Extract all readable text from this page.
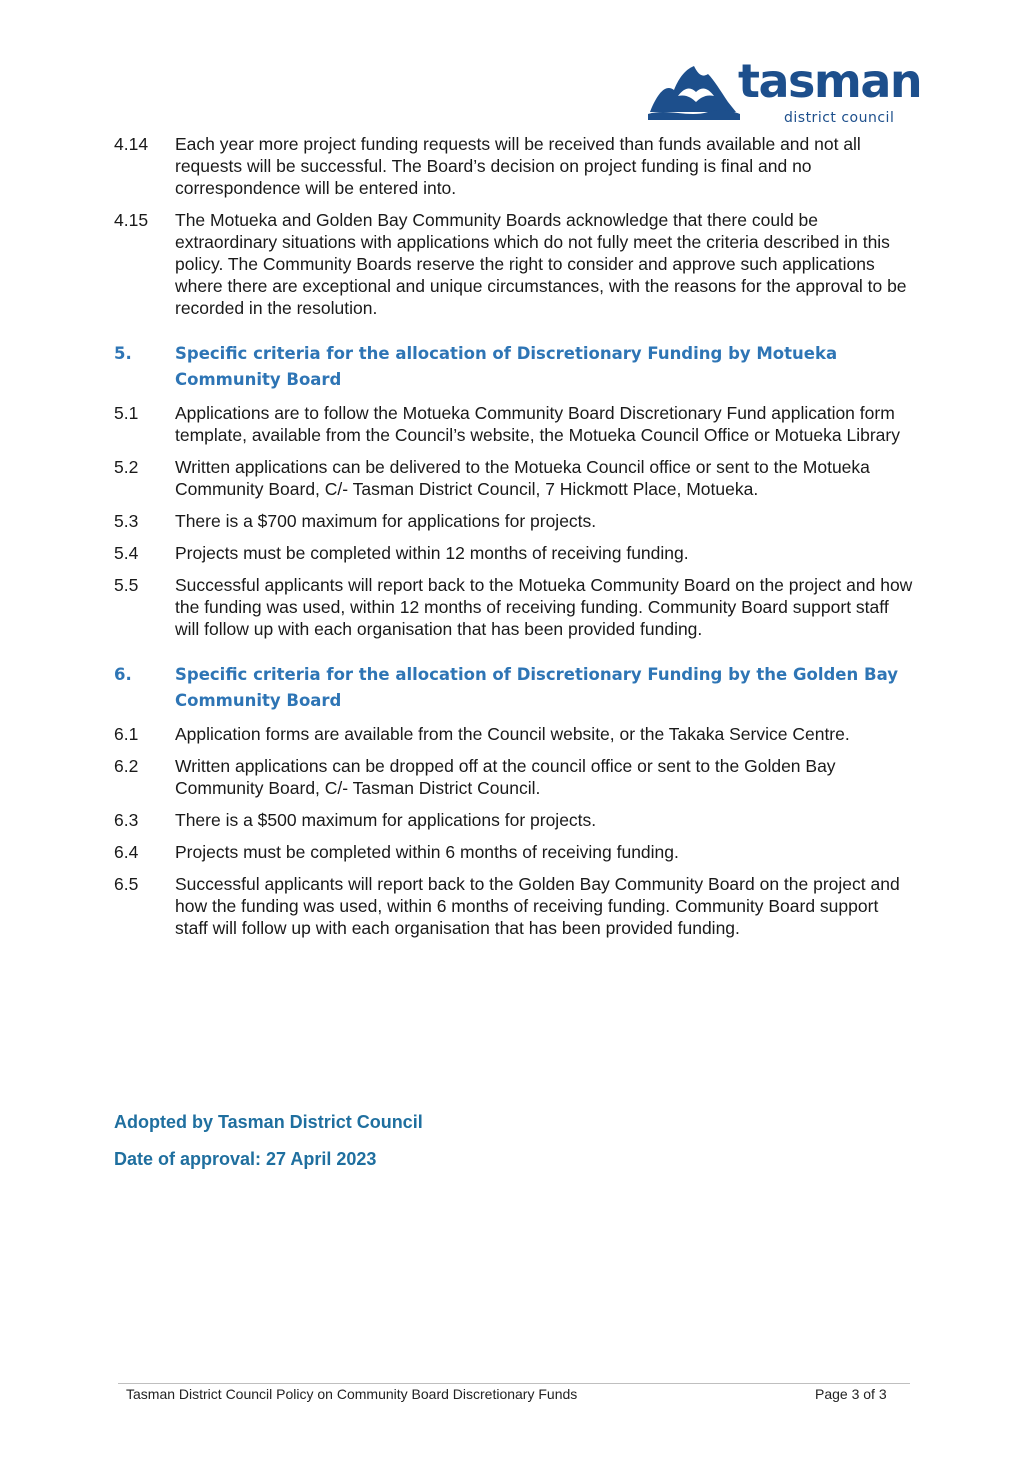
tasman
district council
4.14	Each year more project funding requests will be received than funds available and not all requests will be successful. The Board’s decision on project funding is final and no correspondence will be entered into.
4.15	The Motueka and Golden Bay Community Boards acknowledge that there could be extraordinary situations with applications which do not fully meet the criteria described in this policy. The Community Boards reserve the right to consider and approve such applications where there are exceptional and unique circumstances, with the reasons for the approval to be recorded in the resolution.
5.	Specific criteria for the allocation of Discretionary Funding by Motueka Community Board
5.1	Applications are to follow the Motueka Community Board Discretionary Fund application form template, available from the Council’s website, the Motueka Council Office or Motueka Library
5.2	Written applications can be delivered to the Motueka Council office or sent to the Motueka Community Board, C/- Tasman District Council, 7 Hickmott Place, Motueka.
5.3	There is a $700 maximum for applications for projects.
5.4	Projects must be completed within 12 months of receiving funding.
5.5	Successful applicants will report back to the Motueka Community Board on the project and how the funding was used, within 12 months of receiving funding. Community Board support staff will follow up with each organisation that has been provided funding.
6.	Specific criteria for the allocation of Discretionary Funding by the Golden Bay Community Board
6.1	Application forms are available from the Council website, or the Takaka Service Centre.
6.2	Written applications can be dropped off at the council office or sent to the Golden Bay Community Board, C/- Tasman District Council.
6.3	There is a $500 maximum for applications for projects.
6.4	Projects must be completed within 6 months of receiving funding.
6.5	Successful applicants will report back to the Golden Bay Community Board on the project and how the funding was used, within 6 months of receiving funding. Community Board support staff will follow up with each organisation that has been provided funding.
Adopted by Tasman District Council
Date of approval: 27 April 2023
Tasman District Council Policy on Community Board Discretionary Funds	Page 3 of 3
